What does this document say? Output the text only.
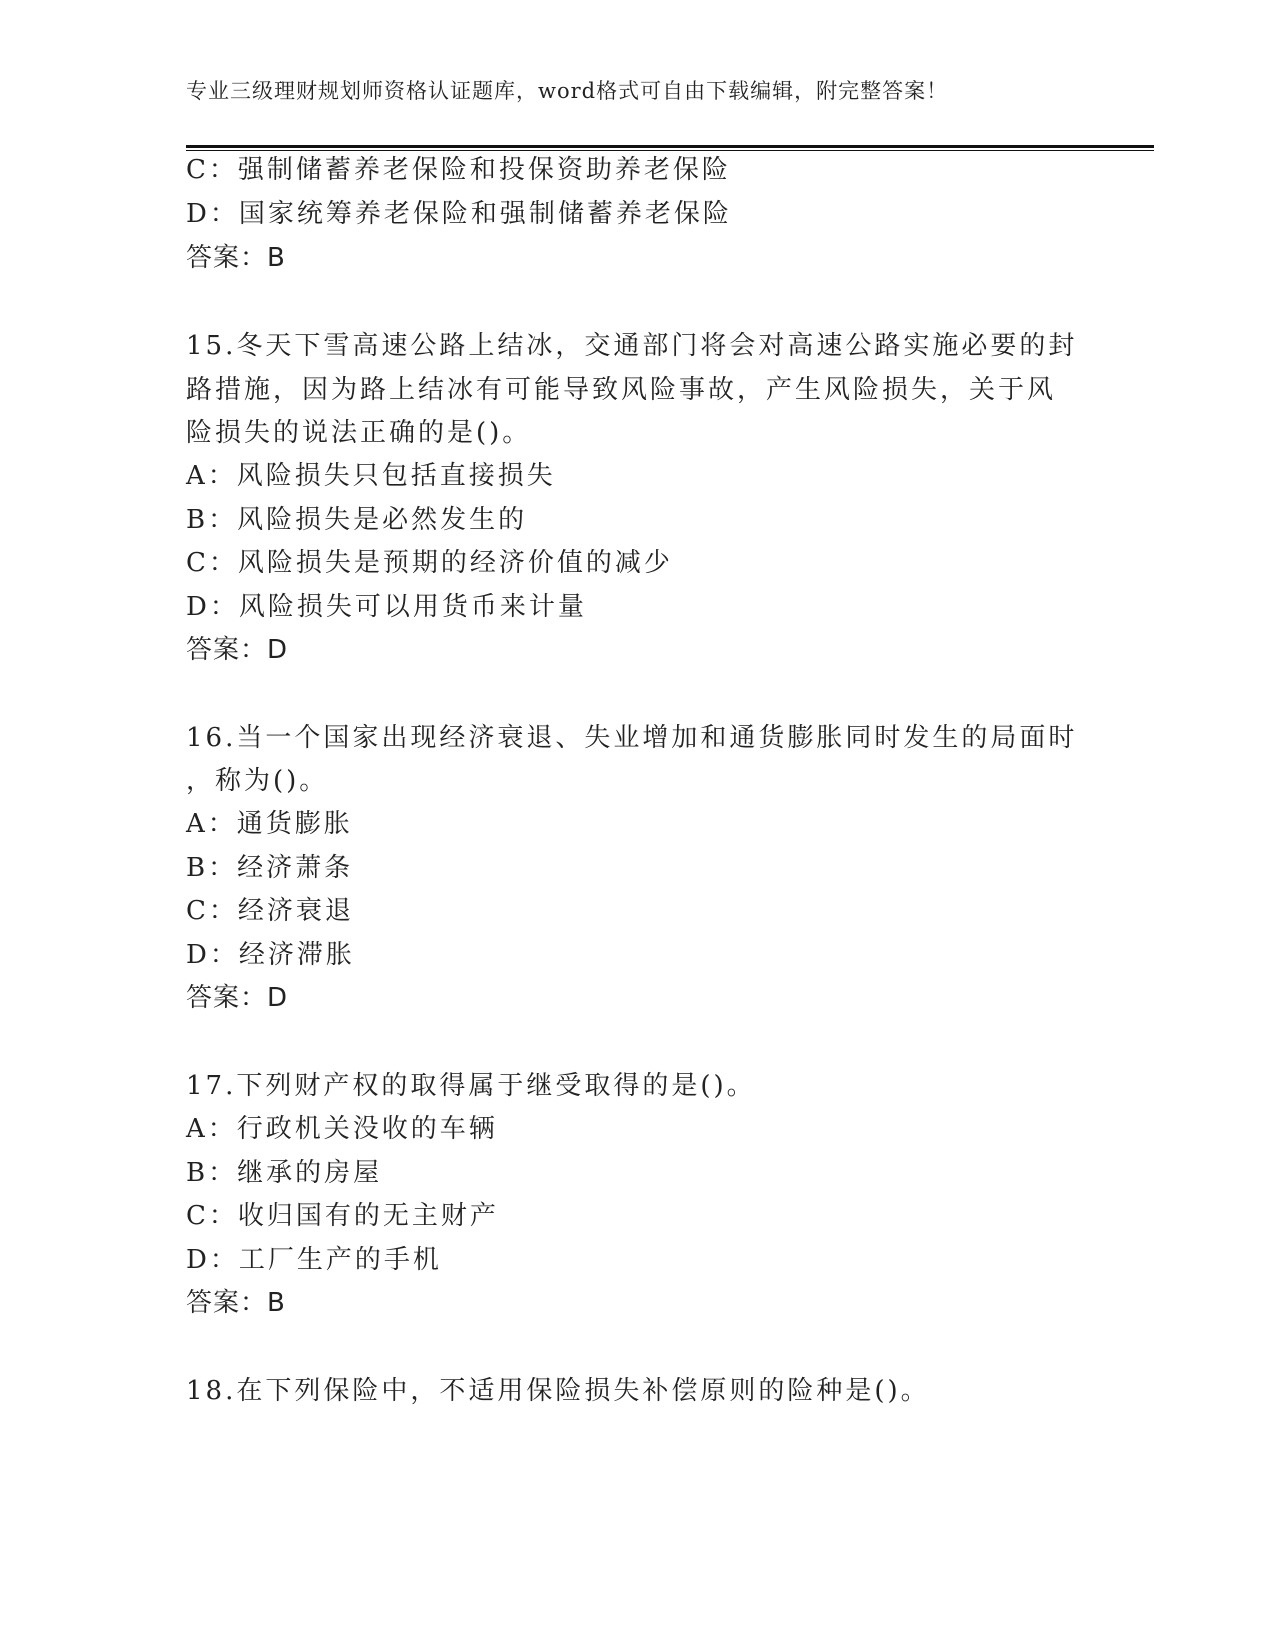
专业三级理财规划师资格认证题库，word格式可自由下载编辑，附完整答案！
C：强制储蓄养老保险和投保资助养老保险
D：国家统筹养老保险和强制储蓄养老保险
答案：B
15.冬天下雪高速公路上结冰，交通部门将会对高速公路实施必要的封
路措施，因为路上结冰有可能导致风险事故，产生风险损失，关于风
险损失的说法正确的是()。
A：风险损失只包括直接损失
B：风险损失是必然发生的
C：风险损失是预期的经济价值的减少
D：风险损失可以用货币来计量
答案：D
16.当一个国家出现经济衰退、失业增加和通货膨胀同时发生的局面时
，称为()。
A：通货膨胀
B：经济萧条
C：经济衰退
D：经济滞胀
答案：D
17.下列财产权的取得属于继受取得的是()。
A：行政机关没收的车辆
B：继承的房屋
C：收归国有的无主财产
D：工厂生产的手机
答案：B
18.在下列保险中，不适用保险损失补偿原则的险种是()。
